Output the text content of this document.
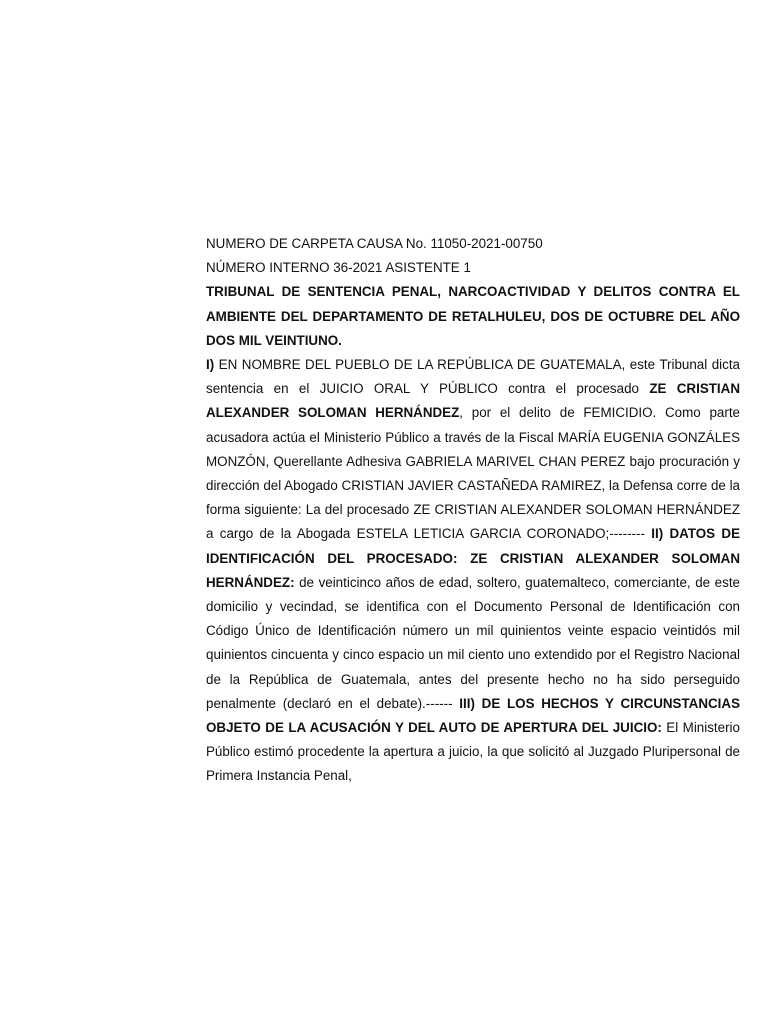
NUMERO DE CARPETA CAUSA No. 11050-2021-00750
NÚMERO INTERNO 36-2021 ASISTENTE 1

TRIBUNAL DE SENTENCIA PENAL, NARCOACTIVIDAD Y DELITOS CONTRA EL AMBIENTE DEL DEPARTAMENTO DE RETALHULEU, DOS DE OCTUBRE DEL AÑO DOS MIL VEINTIUNO.

I) EN NOMBRE DEL PUEBLO DE LA REPÚBLICA DE GUATEMALA, este Tribunal dicta sentencia en el JUICIO ORAL Y PÚBLICO contra el procesado ZE CRISTIAN ALEXANDER SOLOMAN HERNÁNDEZ, por el delito de FEMICIDIO. Como parte acusadora actúa el Ministerio Público a través de la Fiscal MARÍA EUGENIA GONZÁLES MONZÓN, Querellante Adhesiva GABRIELA MARIVEL CHAN PEREZ bajo procuración y dirección del Abogado CRISTIAN JAVIER CASTAÑEDA RAMIREZ, la Defensa corre de la forma siguiente: La del procesado ZE CRISTIAN ALEXANDER SOLOMAN HERNÁNDEZ a cargo de la Abogada ESTELA LETICIA GARCIA CORONADO;-------- II) DATOS DE IDENTIFICACIÓN DEL PROCESADO: ZE CRISTIAN ALEXANDER SOLOMAN HERNÁNDEZ: de veinticinco años de edad, soltero, guatemalteco, comerciante, de este domicilio y vecindad, se identifica con el Documento Personal de Identificación con Código Único de Identificación número un mil quinientos veinte espacio veintidós mil quinientos cincuenta y cinco espacio un mil ciento uno extendido por el Registro Nacional de la República de Guatemala, antes del presente hecho no ha sido perseguido penalmente (declaró en el debate).------ III) DE LOS HECHOS Y CIRCUNSTANCIAS OBJETO DE LA ACUSACIÓN Y DEL AUTO DE APERTURA DEL JUICIO: El Ministerio Público estimó procedente la apertura a juicio, la que solicitó al Juzgado Pluripersonal de Primera Instancia Penal,
